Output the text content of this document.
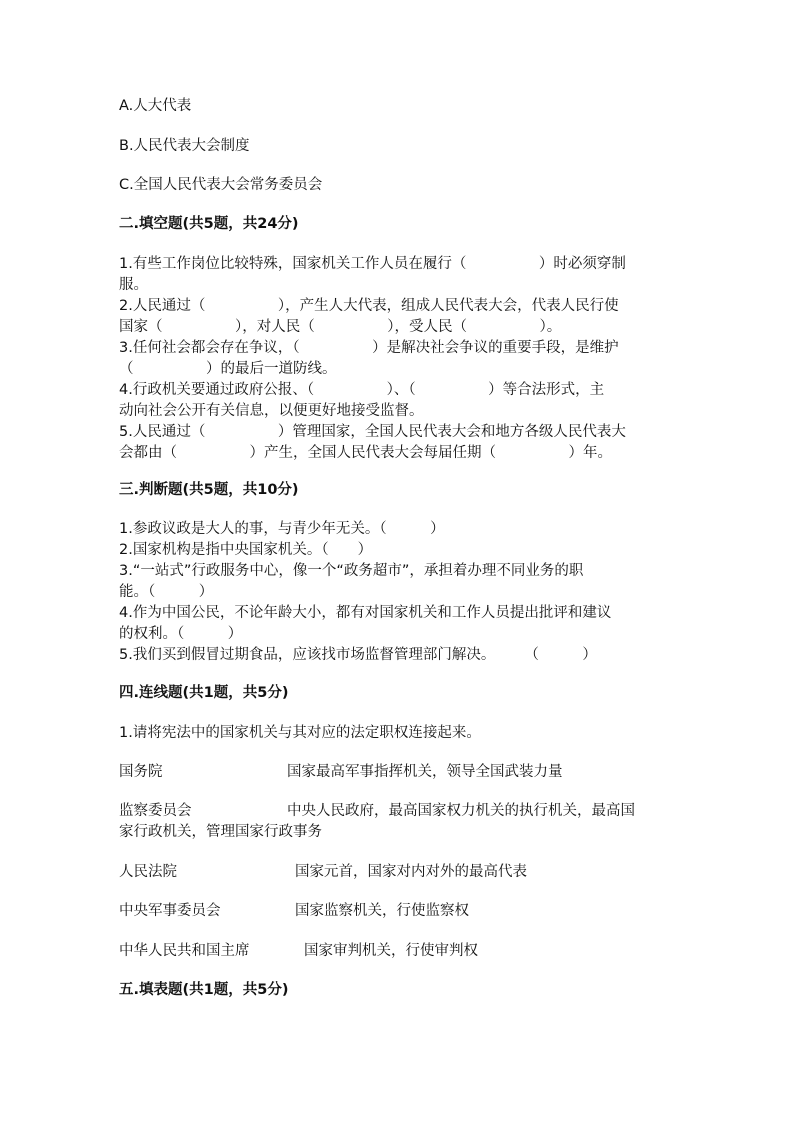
A.人大代表

B.人民代表大会制度

C.全国人民代表大会常务委员会

二.填空题(共5题，共24分)

1.有些工作岗位比较特殊，国家机关工作人员在履行（　　　　　）时必须穿制

服。

2.人民通过（　　　　　），产生人大代表，组成人民代表大会，代表人民行使

国家（　　　　　），对人民（　　　　　），受人民（　　　　　）。

3.任何社会都会存在争议，（　　　　　）是解决社会争议的重要手段，是维护

（　　　　　）的最后一道防线。

4.行政机关要通过政府公报、（　　　　　）、（　　　　　）等合法形式，主

动向社会公开有关信息，以便更好地接受监督。

5.人民通过（　　　　　）管理国家，全国人民代表大会和地方各级人民代表大

会都由（　　　　　）产生，全国人民代表大会每届任期（　　　　　）年。

三.判断题(共5题，共10分)

1.参政议政是大人的事，与青少年无关。（　　　）

2.国家机构是指中央国家机关。（　　）

3.“一站式”行政服务中心，像一个“政务超市”，承担着办理不同业务的职

能。（　　　）

4.作为中国公民，不论年龄大小，都有对国家机关和工作人员提出批评和建议

的权利。（　　　）

5.我们买到假冒过期食品，应该找市场监督管理部门解决。　　　（　　　）

四.连线题(共1题，共5分)

1.请将宪法中的国家机关与其对应的法定职权连接起来。

国务院	国家最高军事指挥机关，领导全国武装力量
监察委员会	中央人民政府，最高国家权力机关的执行机关，最高国
家行政机关，管理国家行政事务
人民法院	国家元首，国家对内对外的最高代表
中央军事委员会	国家监察机关，行使监察权
中华人民共和国主席	国家审判机关，行使审判权

五.填表题(共1题，共5分)
